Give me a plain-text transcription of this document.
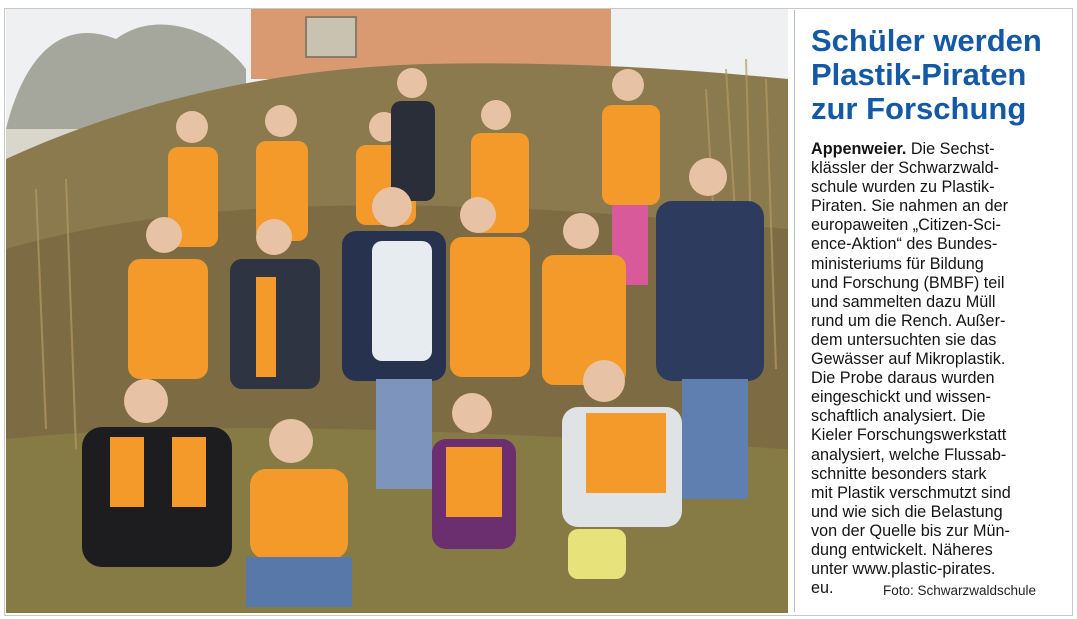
Schüler werden
Plastik-Piraten
zur Forschung
Appenweier. Die Sechst-
klässler der Schwarzwald-
schule wurden zu Plastik-
Piraten. Sie nahmen an der
europaweiten „Citizen-Sci-
ence-Aktion“ des Bundes-
ministeriums für Bildung
und Forschung (BMBF) teil
und sammelten dazu Müll
rund um die Rench. Außer-
dem untersuchten sie das
Gewässer auf Mikroplastik.
Die Probe daraus wurden
eingeschickt und wissen-
schaftlich analysiert. Die
Kieler Forschungswerkstatt
analysiert, welche Flussab-
schnitte besonders stark
mit Plastik verschmutzt sind
und wie sich die Belastung
von der Quelle bis zur Mün-
dung entwickelt. Näheres
unter www.plastic-pirates.
eu.	Foto: Schwarzwaldschule
